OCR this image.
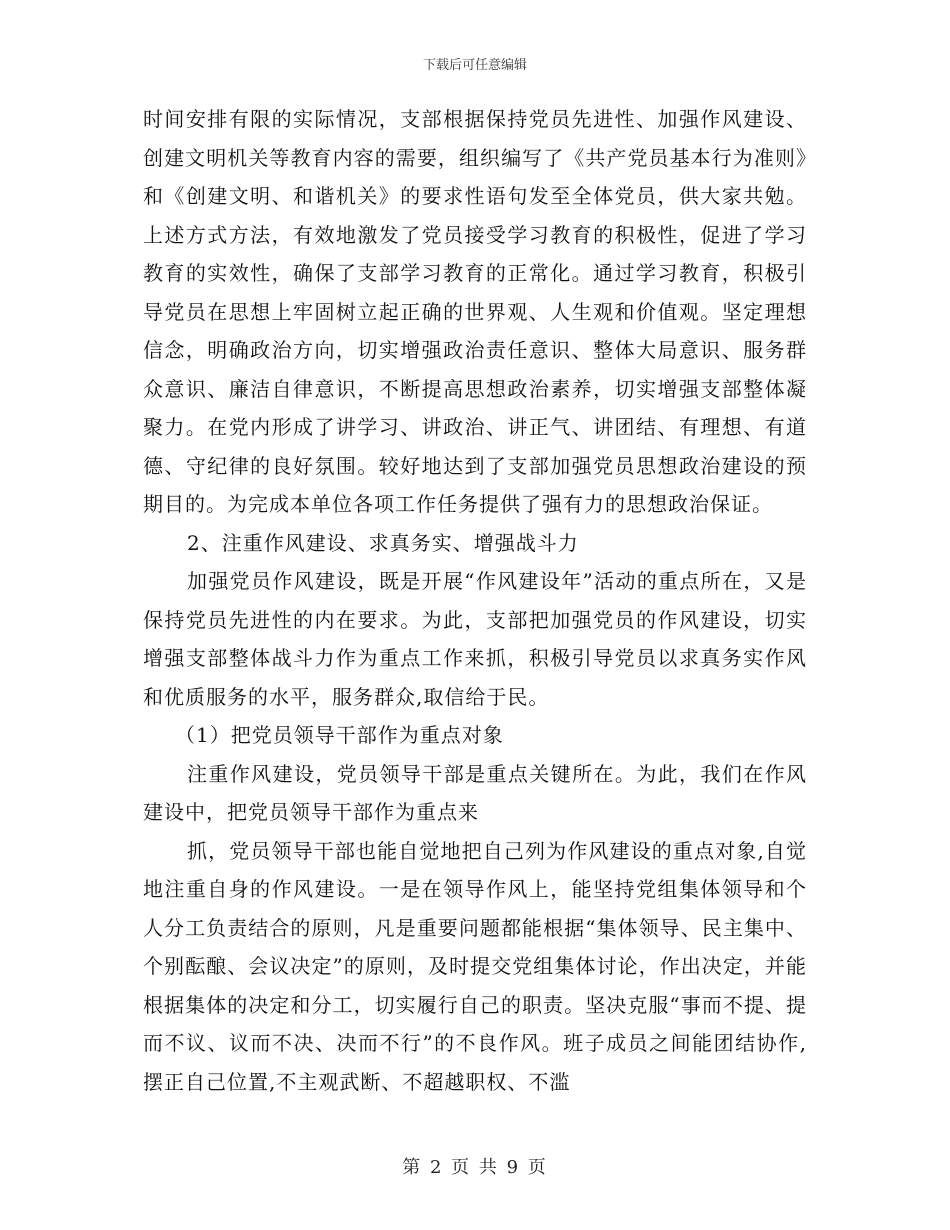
下载后可任意编辑

时间安排有限的实际情况，支部根据保持党员先进性、加强作风建设、创建文明机关等教育内容的需要，组织编写了《共产党员基本行为准则》和《创建文明、和谐机关》的要求性语句发至全体党员，供大家共勉。上述方式方法，有效地激发了党员接受学习教育的积极性，促进了学习教育的实效性，确保了支部学习教育的正常化。通过学习教育，积极引导党员在思想上牢固树立起正确的世界观、人生观和价值观。坚定理想信念，明确政治方向，切实增强政治责任意识、整体大局意识、服务群众意识、廉洁自律意识，不断提高思想政治素养，切实增强支部整体凝聚力。在党内形成了讲学习、讲政治、讲正气、讲团结、有理想、有道德、守纪律的良好氛围。较好地达到了支部加强党员思想政治建设的预期目的。为完成本单位各项工作任务提供了强有力的思想政治保证。

2、注重作风建设、求真务实、增强战斗力

加强党员作风建设，既是开展“作风建设年”活动的重点所在，又是保持党员先进性的内在要求。为此，支部把加强党员的作风建设，切实增强支部整体战斗力作为重点工作来抓，积极引导党员以求真务实作风和优质服务的水平，服务群众,取信给于民。

（1）把党员领导干部作为重点对象

注重作风建设，党员领导干部是重点关键所在。为此，我们在作风建设中，把党员领导干部作为重点来

抓，党员领导干部也能自觉地把自己列为作风建设的重点对象,自觉地注重自身的作风建设。一是在领导作风上，能坚持党组集体领导和个人分工负责结合的原则，凡是重要问题都能根据“集体领导、民主集中、个别酝酿、会议决定”的原则，及时提交党组集体讨论，作出决定，并能根据集体的决定和分工，切实履行自己的职责。坚决克服“事而不提、提而不议、议而不决、决而不行”的不良作风。班子成员之间能团结协作,摆正自己位置,不主观武断、不超越职权、不滥

第 2 页 共 9 页
